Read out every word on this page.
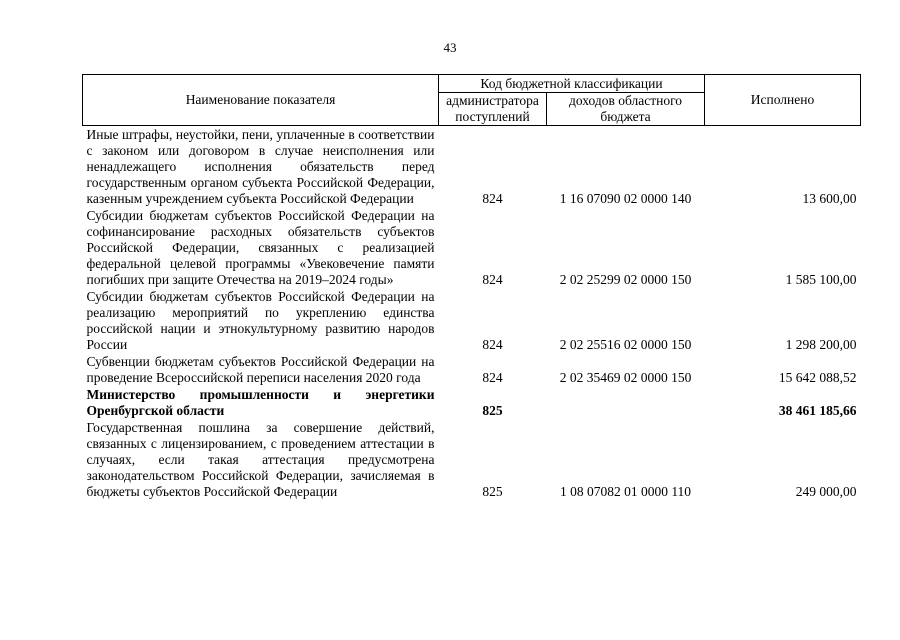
43
Наименование показателя	Код бюджетной классификации		Исполнено
	администратора поступлений	доходов областного бюджета	
Иные штрафы, неустойки, пени, уплаченные в соответствии с законом или договором в случае неисполнения или ненадлежащего исполнения обязательств перед государственным органом субъекта Российской Федерации, казенным учреждением субъекта Российской Федерации	824	1 16 07090 02 0000 140	13 600,00
Субсидии бюджетам субъектов Российской Федерации на софинансирование расходных обязательств субъектов Российской Федерации, связанных с реализацией федеральной целевой программы «Увековечение памяти погибших при защите Отечества на 2019–2024 годы»	824	2 02 25299 02 0000 150	1 585 100,00
Субсидии бюджетам субъектов Российской Федерации на реализацию мероприятий по укреплению единства российской нации и этнокультурному развитию народов России	824	2 02 25516 02 0000 150	1 298 200,00
Субвенции бюджетам субъектов Российской Федерации на проведение Всероссийской переписи населения 2020 года	824	2 02 35469 02 0000 150	15 642 088,52
Министерство промышленности и энергетики Оренбургской области	825		38 461 185,66
Государственная пошлина за совершение действий, связанных с лицензированием, с проведением аттестации в случаях, если такая аттестация предусмотрена законодательством Российской Федерации, зачисляемая в бюджеты субъектов Российской Федерации	825	1 08 07082 01 0000 110	249 000,00
